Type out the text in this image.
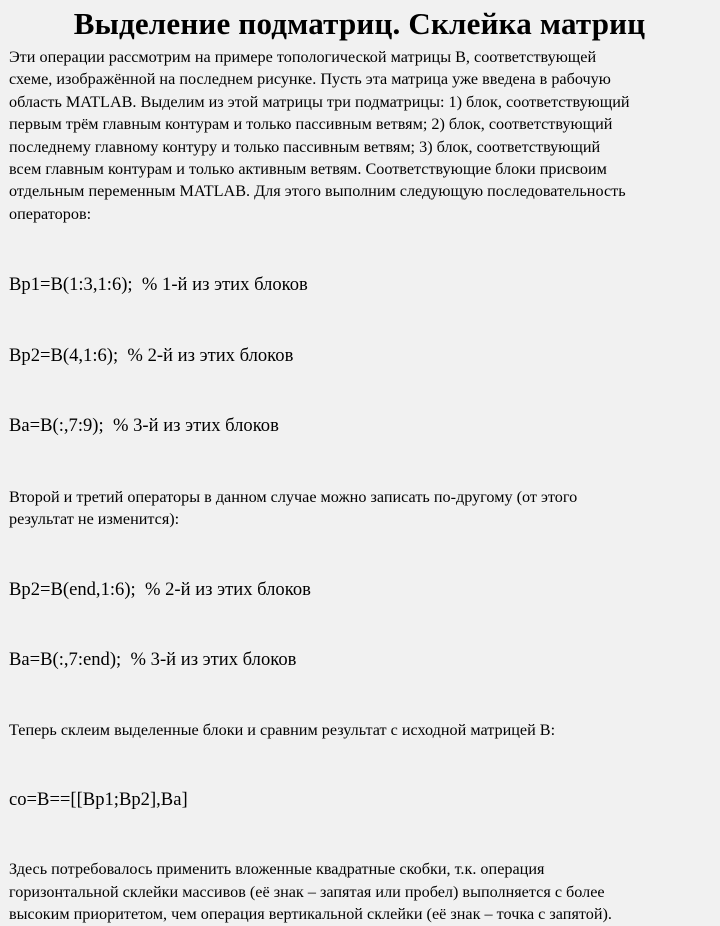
Выделение подматриц. Склейка матриц
Эти операции рассмотрим на примере топологической матрицы B, соответствующей
схеме, изображённой на последнем рисунке. Пусть эта матрица уже введена в рабочую
область MATLAB. Выделим из этой матрицы три подматрицы: 1) блок, соответствующий
первым трём главным контурам и только пассивным ветвям; 2) блок, соответствующий
последнему главному контуру и только пассивным ветвям; 3) блок, соответствующий
всем главным контурам и только активным ветвям. Соответствующие блоки присвоим
отдельным переменным MATLAB. Для этого выполним следующую последовательность
операторов:

Bp1=B(1:3,1:6);  % 1-й из этих блоков

Bp2=B(4,1:6);  % 2-й из этих блоков

Ba=B(:,7:9);  % 3-й из этих блоков

Второй и третий операторы в данном случае можно записать по-другому (от этого
результат не изменится):

Bp2=B(end,1:6);  % 2-й из этих блоков

Ba=B(:,7:end);  % 3-й из этих блоков

Теперь склеим выделенные блоки и сравним результат с исходной матрицей B:

co=B==[[Bp1;Bp2],Ba]

Здесь потребовалось применить вложенные квадратные скобки, т.к. операция
горизонтальной склейки массивов (её знак – запятая или пробел) выполняется с более
высоким приоритетом, чем операция вертикальной склейки (её знак – точка с запятой).
